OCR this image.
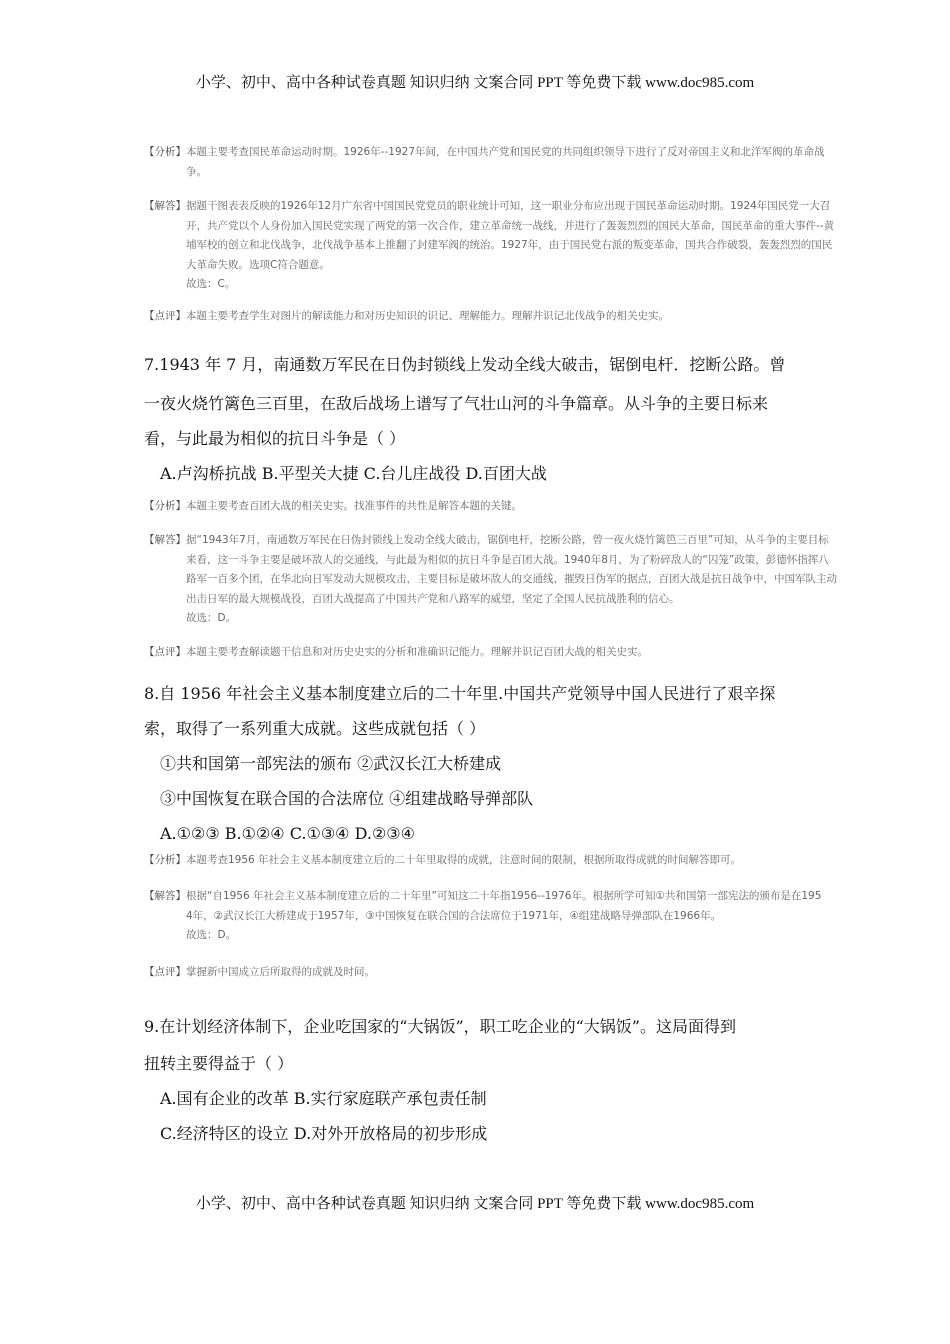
小学、初中、高中各种试卷真题 知识归纳 文案合同 PPT 等免费下载 www.doc985.com
【分析】 本题主要考查国民革命运动时期。1926年--1927年间，在中国共产党和国民党的共同组织领导下进行了反对帝国主义和北洋军阀的革命战

争。

【解答】 据题干图表表反映的1926年12月广东省中国国民党党员的职业统计可知，这一职业分布应出现于国民革命运动时期。1924年国民党一大召

开，共产党以个人身份加入国民党实现了两党的第一次合作，建立革命统一战线，并进行了轰轰烈烈的国民大革命，国民革命的重大事件--黄

埔军校的创立和北伐战争，北伐战争基本上推翻了封建军阀的统治。1927年，由于国民党右派的叛变革命，国共合作破裂，轰轰烈烈的国民

大革命失败。选项C符合题意。

故选：C。

【点评】 本题主要考查学生对图片的解读能力和对历史知识的识记、理解能力。理解并识记北伐战争的相关史实。

7.1943 年 7 月，南通数万军民在日伪封锁线上发动全线大破击，锯倒电杆．挖断公路。曾
一夜火烧竹篱色三百里，在敌后战场上谱写了气壮山河的斗争篇章。从斗争的主要日标来
看，与此最为相似的抗日斗争是（ ）
A.卢沟桥抗战 B.平型关大捷 C.台儿庄战役 D.百团大战
【分析】 本题主要考查百团大战的相关史实。找准事件的共性是解答本题的关键。

【解答】 据“1943年7月，南通数万军民在日伪封锁线上发动全线大破击，锯倒电杆，挖断公路，曾一夜火烧竹篱笆三百里”可知，从斗争的主要目标

来看，这一斗争主要是破坏敌人的交通线，与此最为相似的抗日斗争是百团大战。1940年8月，为了粉碎敌人的“囚笼”政策，彭德怀指挥八

路军一百多个团，在华北向日军发动大规模攻击，主要目标是破坏敌人的交通线，摧毁日伪军的据点，百团大战是抗日战争中，中国军队主动

出击日军的最大规模战役，百团大战提高了中国共产党和八路军的威望，坚定了全国人民抗战胜利的信心。

故选：D。

【点评】 本题主要考查解读题干信息和对历史史实的分析和准确识记能力。理解并识记百团大战的相关史实。

8.自 1956 年社会主义基本制度建立后的二十年里.中国共产党领导中国人民进行了艰辛探
索，取得了一系列重大成就。这些成就包括（ ）
①共和国第一部宪法的颁布 ②武汉长江大桥建成
③中国恢复在联合国的合法席位 ④组建战略导弹部队
A.①②③ B.①②④ C.①③④ D.②③④
【分析】 本题考查1956 年社会主义基本制度建立后的二十年里取得的成就，注意时间的限制，根据所取得成就的时间解答即可。

【解答】 根据“自1956 年社会主义基本制度建立后的二十年里”可知这二十年指1956--1976年。根据所学可知①共和国第一部宪法的颁布是在195

4年，②武汉长江大桥建成于1957年，③中国恢复在联合国的合法席位于1971年，④组建战略导弹部队在1966年。

故选：D。

【点评】 掌握新中国成立后所取得的成就及时间。

9.在计划经济体制下，企业吃国家的“大锅饭”，职工吃企业的“大锅饭”。这局面得到
扭转主要得益于（ ）
A.国有企业的改革 B.实行家庭联产承包责任制
C.经济特区的设立 D.对外开放格局的初步形成
小学、初中、高中各种试卷真题 知识归纳 文案合同 PPT 等免费下载 www.doc985.com
